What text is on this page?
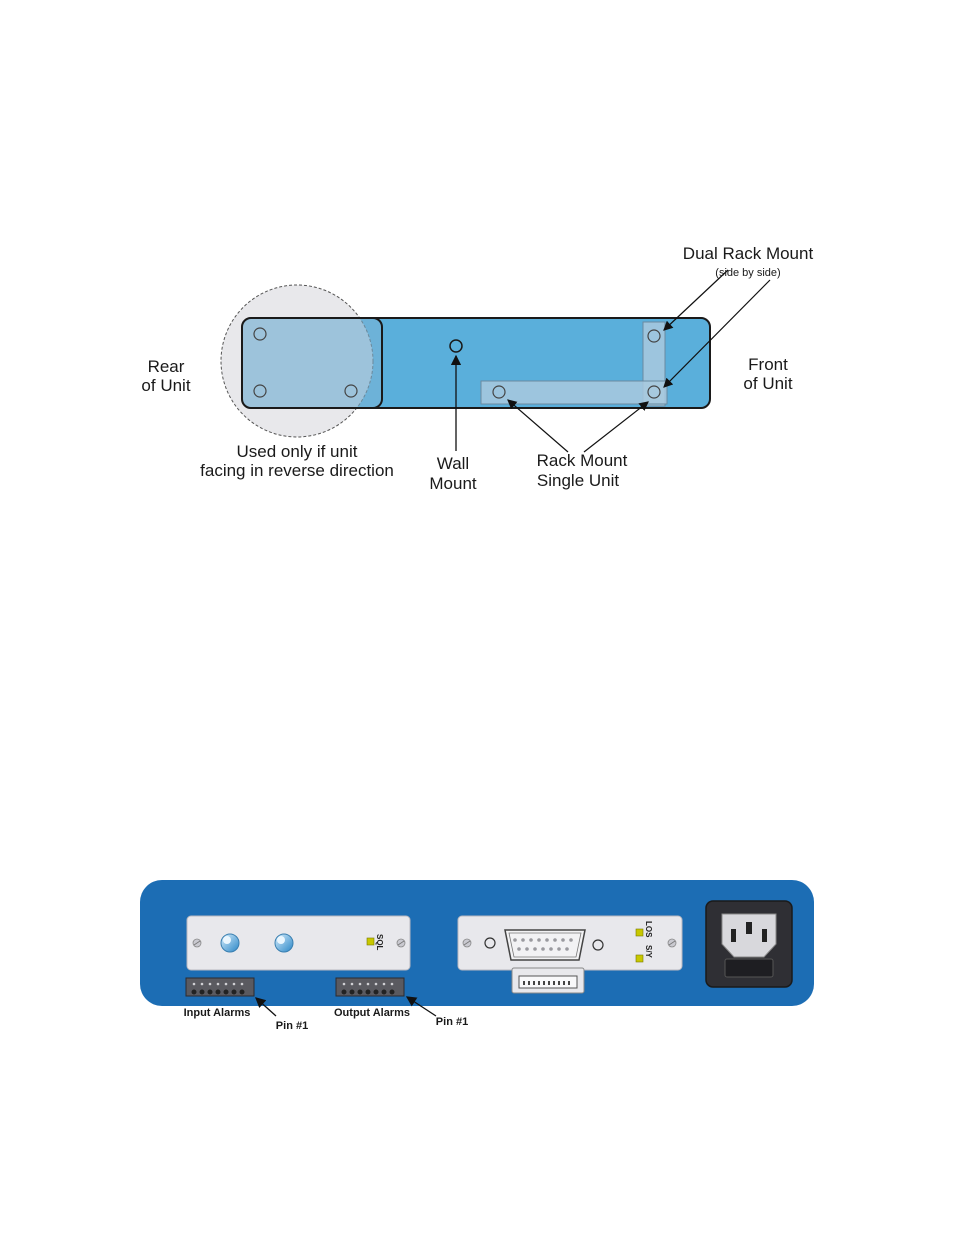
Rear
of Unit
Front
of Unit
Dual Rack Mount
(side by side)
Used only if unit
facing in reverse direction	Wall
Mount
Rack Mount
Single Unit
SQL
LOS
S/Y
Input Alarms
Pin #1
Output Alarms
Pin #1
